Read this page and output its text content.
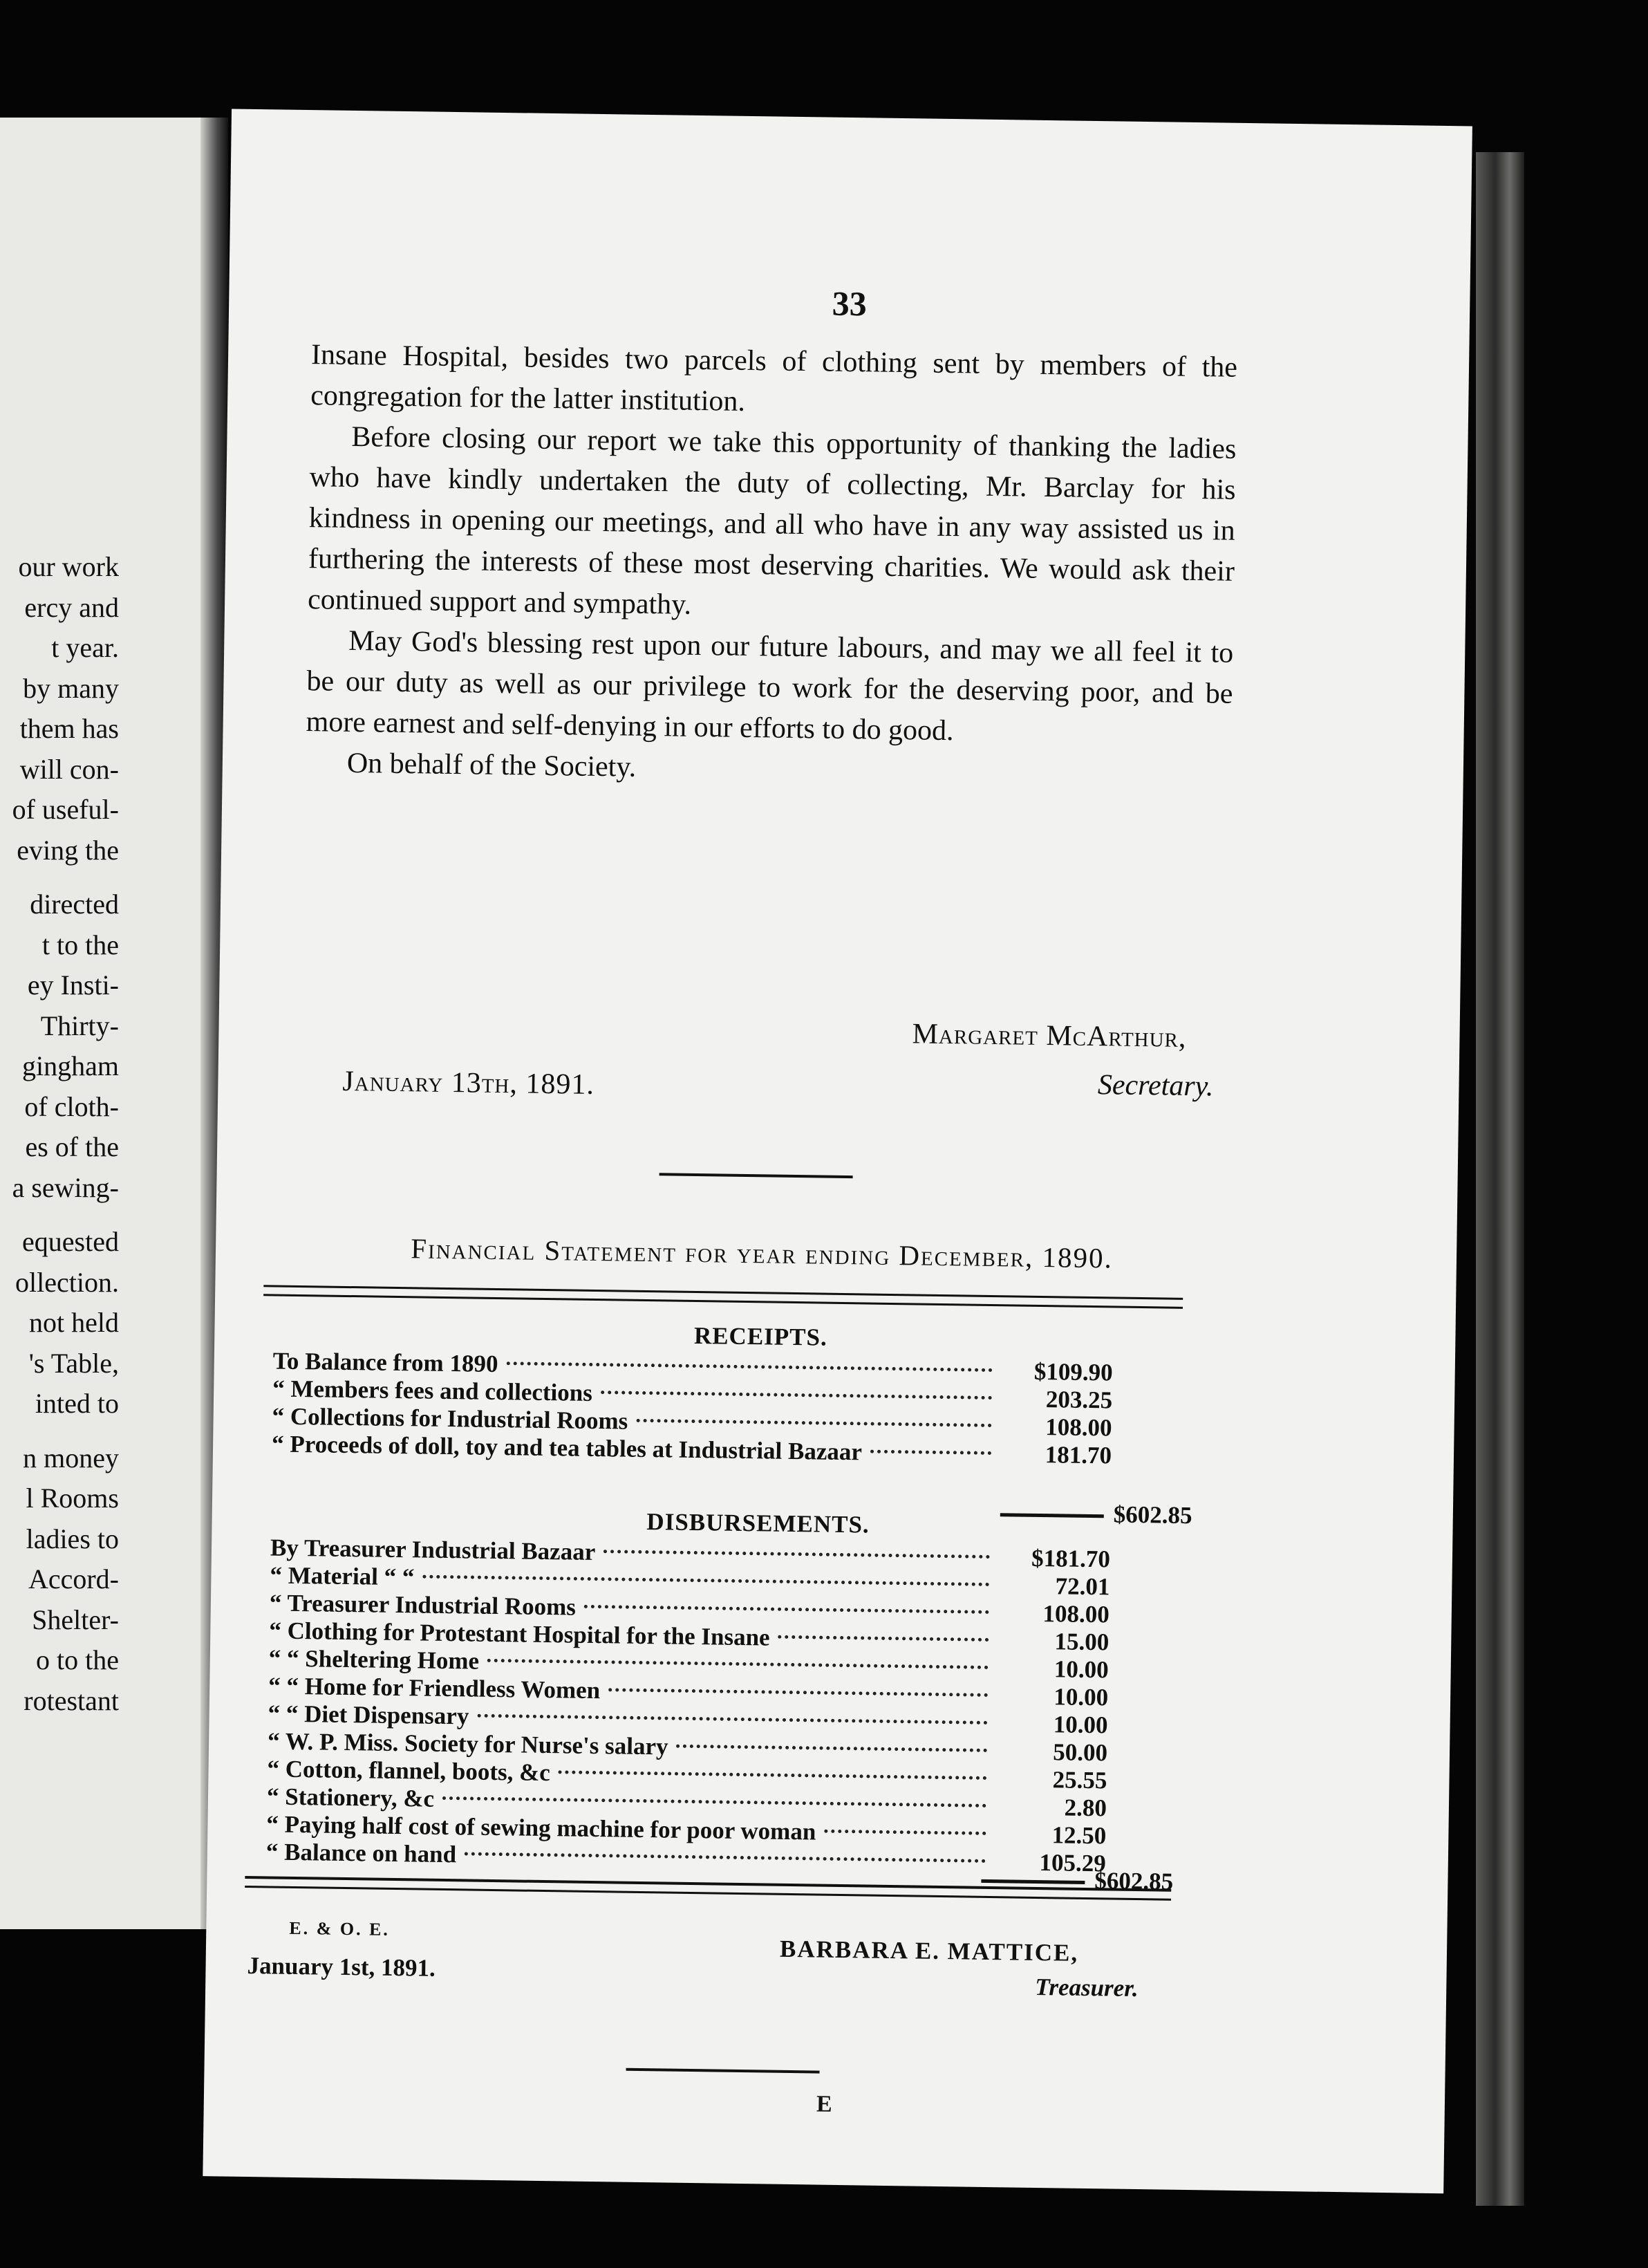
our work
ercy and
t year.
by many
them has
will con-
of useful-
eving the
directed
t to the
ey Insti-
Thirty-
gingham
of cloth-
es of the
a sewing-
equested
ollection.
not held
's Table,
inted to
n money
l Rooms
ladies to
Accord-
Shelter-
o to the
rotestant
33

Insane Hospital, besides two parcels of clothing sent by members of the congregation for the latter institution.

Before closing our report we take this opportunity of thanking the ladies who have kindly undertaken the duty of collecting, Mr. Barclay for his kindness in opening our meetings, and all who have in any way assisted us in furthering the interests of these most deserving charities. We would ask their continued support and sympathy.

May God's blessing rest upon our future labours, and may we all feel it to be our duty as well as our privilege to work for the deserving poor, and be more earnest and self-denying in our efforts to do good.

On behalf of the Society.

Margaret McArthur,
Secretary.
January 13th, 1891.
Financial Statement for year ending December, 1890.
RECEIPTS.
To Balance from 1890	$109.90
“ Members fees and collections	203.25
“ Collections for Industrial Rooms	108.00
“ Proceeds of doll, toy and tea tables at Industrial Bazaar	181.70
$602.85
DISBURSEMENTS.
By Treasurer Industrial Bazaar	$181.70
“ Material “ “	72.01
“ Treasurer Industrial Rooms	108.00
“ Clothing for Protestant Hospital for the Insane	15.00
“ “ Sheltering Home	10.00
“ “ Home for Friendless Women	10.00
“ “ Diet Dispensary	10.00
“ W. P. Miss. Society for Nurse's salary	50.00
“ Cotton, flannel, boots, &c	25.55
“ Stationery, &c	2.80
“ Paying half cost of sewing machine for poor woman	12.50
“ Balance on hand	105.29
$602.85
E. & O. E.
January 1st, 1891.
BARBARA E. MATTICE,
Treasurer.
E
